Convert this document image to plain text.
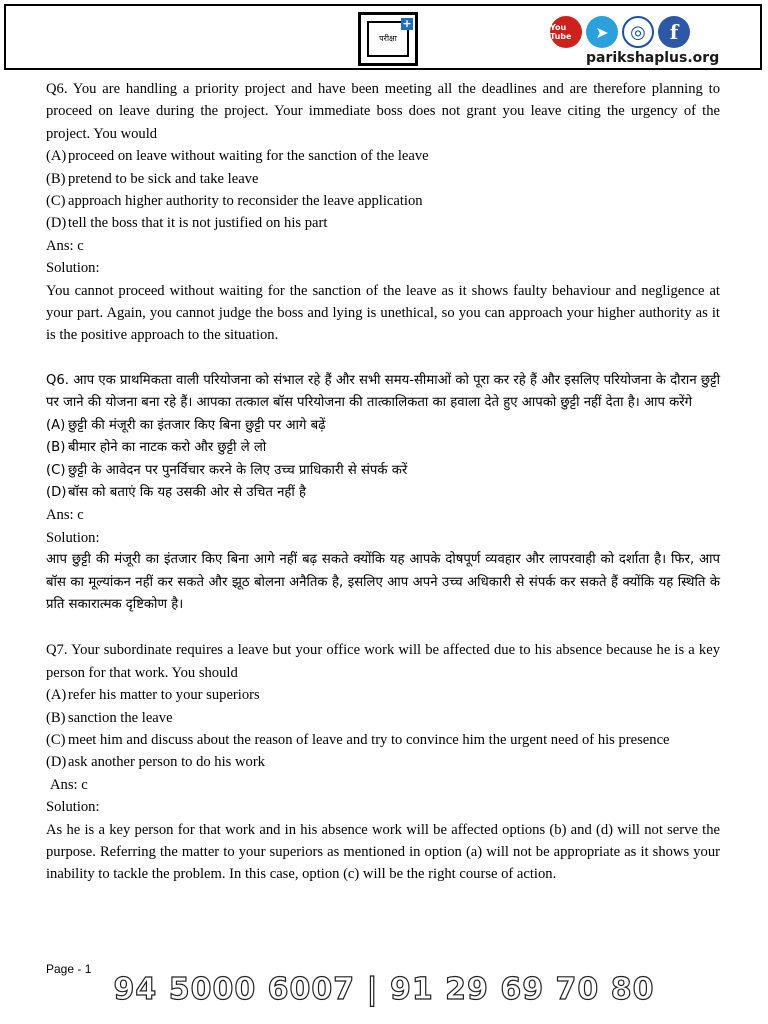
परीक्षा
+	You Tube	➤	◎	f
parikshaplus.org

Q6. You are handling a priority project and have been meeting all the deadlines and are therefore planning to proceed on leave during the project. Your immediate boss does not grant you leave citing the urgency of the project. You would

(A) proceed on leave without waiting for the sanction of the leave
(B) pretend to be sick and take leave
(C) approach higher authority to reconsider the leave application
(D) tell the boss that it is not justified on his part

Ans: c

Solution:

You cannot proceed without waiting for the sanction of the leave as it shows faulty behaviour and negligence at your part. Again, you cannot judge the boss and lying is unethical, so you can approach your higher authority as it is the positive approach to the situation.

Q6. आप एक प्राथमिकता वाली परियोजना को संभाल रहे हैं और सभी समय-सीमाओं को पूरा कर रहे हैं और इसलिए परियोजना के दौरान छुट्टी पर जाने की योजना बना रहे हैं। आपका तत्काल बॉस परियोजना की तात्कालिकता का हवाला देते हुए आपको छुट्टी नहीं देता है। आप करेंगे

(A) छुट्टी की मंजूरी का इंतजार किए बिना छुट्टी पर आगे बढ़ें
(B) बीमार होने का नाटक करो और छुट्टी ले लो
(C) छुट्टी के आवेदन पर पुनर्विचार करने के लिए उच्च प्राधिकारी से संपर्क करें
(D) बॉस को बताएं कि यह उसकी ओर से उचित नहीं है

Ans: c

Solution:

आप छुट्टी की मंजूरी का इंतजार किए बिना आगे नहीं बढ़ सकते क्योंकि यह आपके दोषपूर्ण व्यवहार और लापरवाही को दर्शाता है। फिर, आप बॉस का मूल्यांकन नहीं कर सकते और झूठ बोलना अनैतिक है, इसलिए आप अपने उच्च अधिकारी से संपर्क कर सकते हैं क्योंकि यह स्थिति के प्रति सकारात्मक दृष्टिकोण है।

Q7. Your subordinate requires a leave but your office work will be affected due to his absence because he is a key person for that work. You should

(A) refer his matter to your superiors
(B) sanction the leave
(C) meet him and discuss about the reason of leave and try to convince him the urgent need of his presence
(D) ask another person to do his work

Ans: c

Solution:

As he is a key person for that work and in his absence work will be affected options (b) and (d) will not serve the purpose. Referring the matter to your superiors as mentioned in option (a) will not be appropriate as it shows your inability to tackle the problem. In this case, option (c) will be the right course of action.

Page - 1
94 5000 6007 | 91 29 69 70 80
